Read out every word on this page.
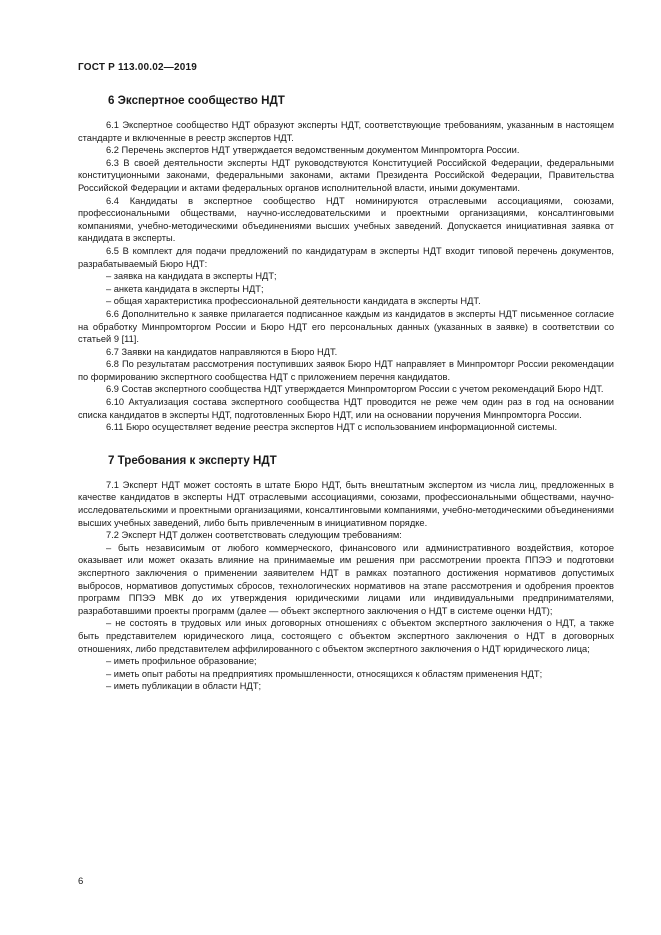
ГОСТ Р 113.00.02—2019
6 Экспертное сообщество НДТ

6.1 Экспертное сообщество НДТ образуют эксперты НДТ, соответствующие требованиям, указанным в настоящем стандарте и включенные в реестр экспертов НДТ.

6.2 Перечень экспертов НДТ утверждается ведомственным документом Минпромторга России.

6.3 В своей деятельности эксперты НДТ руководствуются Конституцией Российской Федерации, федеральными конституционными законами, федеральными законами, актами Президента Российской Федерации, Правительства Российской Федерации и актами федеральных органов исполнительной власти, иными документами.

6.4 Кандидаты в экспертное сообщество НДТ номинируются отраслевыми ассоциациями, союзами, профессиональными обществами, научно-исследовательскими и проектными организациями, консалтинговыми компаниями, учебно-методическими объединениями высших учебных заведений. Допускается инициативная заявка от кандидата в эксперты.

6.5 В комплект для подачи предложений по кандидатурам в эксперты НДТ входит типовой перечень документов, разрабатываемый Бюро НДТ:

– заявка на кандидата в эксперты НДТ;

– анкета кандидата в эксперты НДТ;

– общая характеристика профессиональной деятельности кандидата в эксперты НДТ.

6.6 Дополнительно к заявке прилагается подписанное каждым из кандидатов в эксперты НДТ письменное согласие на обработку Минпромторгом России и Бюро НДТ его персональных данных (указанных в заявке) в соответствии со статьей 9 [11].

6.7 Заявки на кандидатов направляются в Бюро НДТ.

6.8 По результатам рассмотрения поступивших заявок Бюро НДТ направляет в Минпромторг России рекомендации по формированию экспертного сообщества НДТ с приложением перечня кандидатов.

6.9 Состав экспертного сообщества НДТ утверждается Минпромторгом России с учетом рекомендаций Бюро НДТ.

6.10 Актуализация состава экспертного сообщества НДТ проводится не реже чем один раз в год на основании списка кандидатов в эксперты НДТ, подготовленных Бюро НДТ, или на основании поручения Минпромторга России.

6.11 Бюро осуществляет ведение реестра экспертов НДТ с использованием информационной системы.

7 Требования к эксперту НДТ

7.1 Эксперт НДТ может состоять в штате Бюро НДТ, быть внештатным экспертом из числа лиц, предложенных в качестве кандидатов в эксперты НДТ отраслевыми ассоциациями, союзами, профессиональными обществами, научно-исследовательскими и проектными организациями, консалтинговыми компаниями, учебно-методическими объединениями высших учебных заведений, либо быть привлеченным в инициативном порядке.

7.2 Эксперт НДТ должен соответствовать следующим требованиям:

– быть независимым от любого коммерческого, финансового или административного воздействия, которое оказывает или может оказать влияние на принимаемые им решения при рассмотрении проекта ППЭЭ и подготовки экспертного заключения о применении заявителем НДТ в рамках поэтапного достижения нормативов допустимых выбросов, нормативов допустимых сбросов, технологических нормативов на этапе рассмотрения и одобрения проектов программ ППЭЭ МВК до их утверждения юридическими лицами или индивидуальными предпринимателями, разработавшими проекты программ (далее — объект экспертного заключения о НДТ в системе оценки НДТ);

– не состоять в трудовых или иных договорных отношениях с объектом экспертного заключения о НДТ, а также быть представителем юридического лица, состоящего с объектом экспертного заключения о НДТ в договорных отношениях, либо представителем аффилированного с объектом экспертного заключения о НДТ юридического лица;

– иметь профильное образование;

– иметь опыт работы на предприятиях промышленности, относящихся к областям применения НДТ;

– иметь публикации в области НДТ;

6
